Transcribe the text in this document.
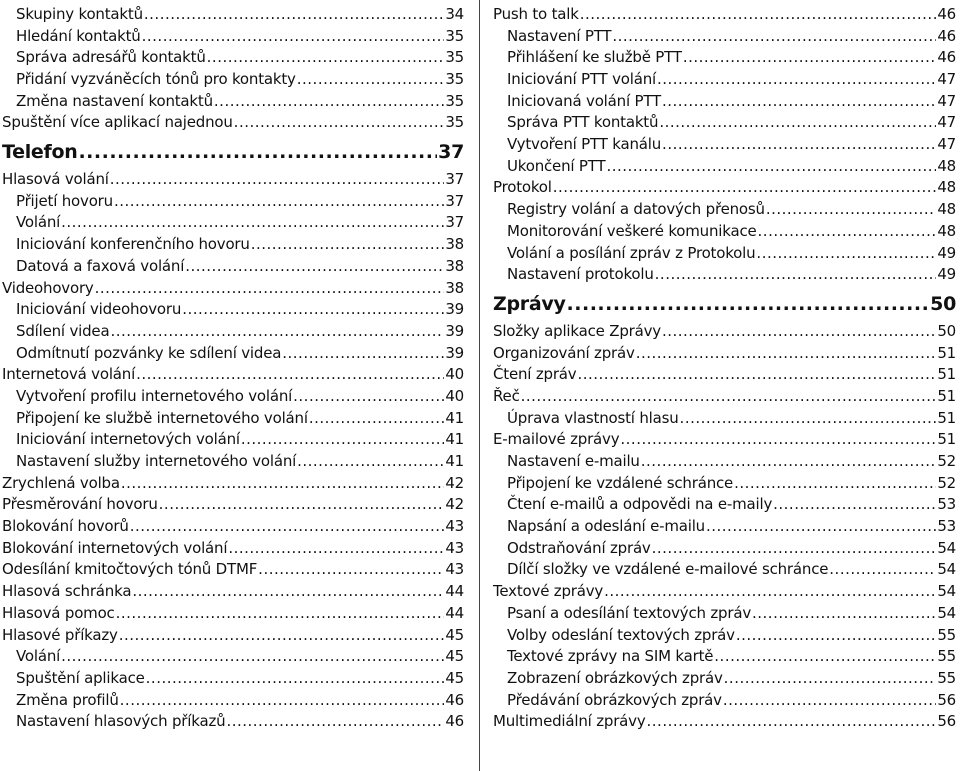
Skupiny kontaktů .....	34
Hledání kontaktů .....	35
Správa adresářů kontaktů .....	35
Přidání vyzváněcích tónů pro kontakty .....	35
Změna nastavení kontaktů .....	35
Spuštění více aplikací najednou .....	35
Telefon .....	37
Hlasová volání .....	37
Přijetí hovoru .....	37
Volání .....	37
Iniciování konferenčního hovoru .....	38
Datová a faxová volání .....	38
Videohovory .....	38
Iniciování videohovoru .....	39
Sdílení videa .....	39
Odmítnutí pozvánky ke sdílení videa .....	39
Internetová volání .....	40
Vytvoření profilu internetového volání .....	40
Připojení ke službě internetového volání .....	41
Iniciování internetových volání .....	41
Nastavení služby internetového volání .....	41
Zrychlená volba .....	42
Přesměrování hovoru .....	42
Blokování hovorů .....	43
Blokování internetových volání .....	43
Odesílání kmitočtových tónů DTMF .....	43
Hlasová schránka .....	44
Hlasová pomoc .....	44
Hlasové příkazy .....	45
Volání .....	45
Spuštění aplikace .....	45
Změna profilů .....	46
Nastavení hlasových příkazů .....	46
Push to talk .....	46
Nastavení PTT .....	46
Přihlášení ke službě PTT .....	46
Iniciování PTT volání .....	47
Iniciovaná volání PTT .....	47
Správa PTT kontaktů .....	47
Vytvoření PTT kanálu .....	47
Ukončení PTT .....	48
Protokol .....	48
Registry volání a datových přenosů .....	48
Monitorování veškeré komunikace .....	48
Volání a posílání zpráv z Protokolu .....	49
Nastavení protokolu .....	49
Zprávy .....	50
Složky aplikace Zprávy .....	50
Organizování zpráv .....	51
Čtení zpráv .....	51
Řeč .....	51
Úprava vlastností hlasu .....	51
E-mailové zprávy .....	51
Nastavení e-mailu .....	52
Připojení ke vzdálené schránce .....	52
Čtení e-mailů a odpovědi na e-maily .....	53
Napsání a odeslání e-mailu .....	53
Odstraňování zpráv .....	54
Dílčí složky ve vzdálené e-mailové schránce .....	54
Textové zprávy .....	54
Psaní a odesílání textových zpráv .....	54
Volby odeslání textových zpráv .....	55
Textové zprávy na SIM kartě .....	55
Zobrazení obrázkových zpráv .....	55
Předávání obrázkových zpráv .....	56
Multimediální zprávy .....	56
